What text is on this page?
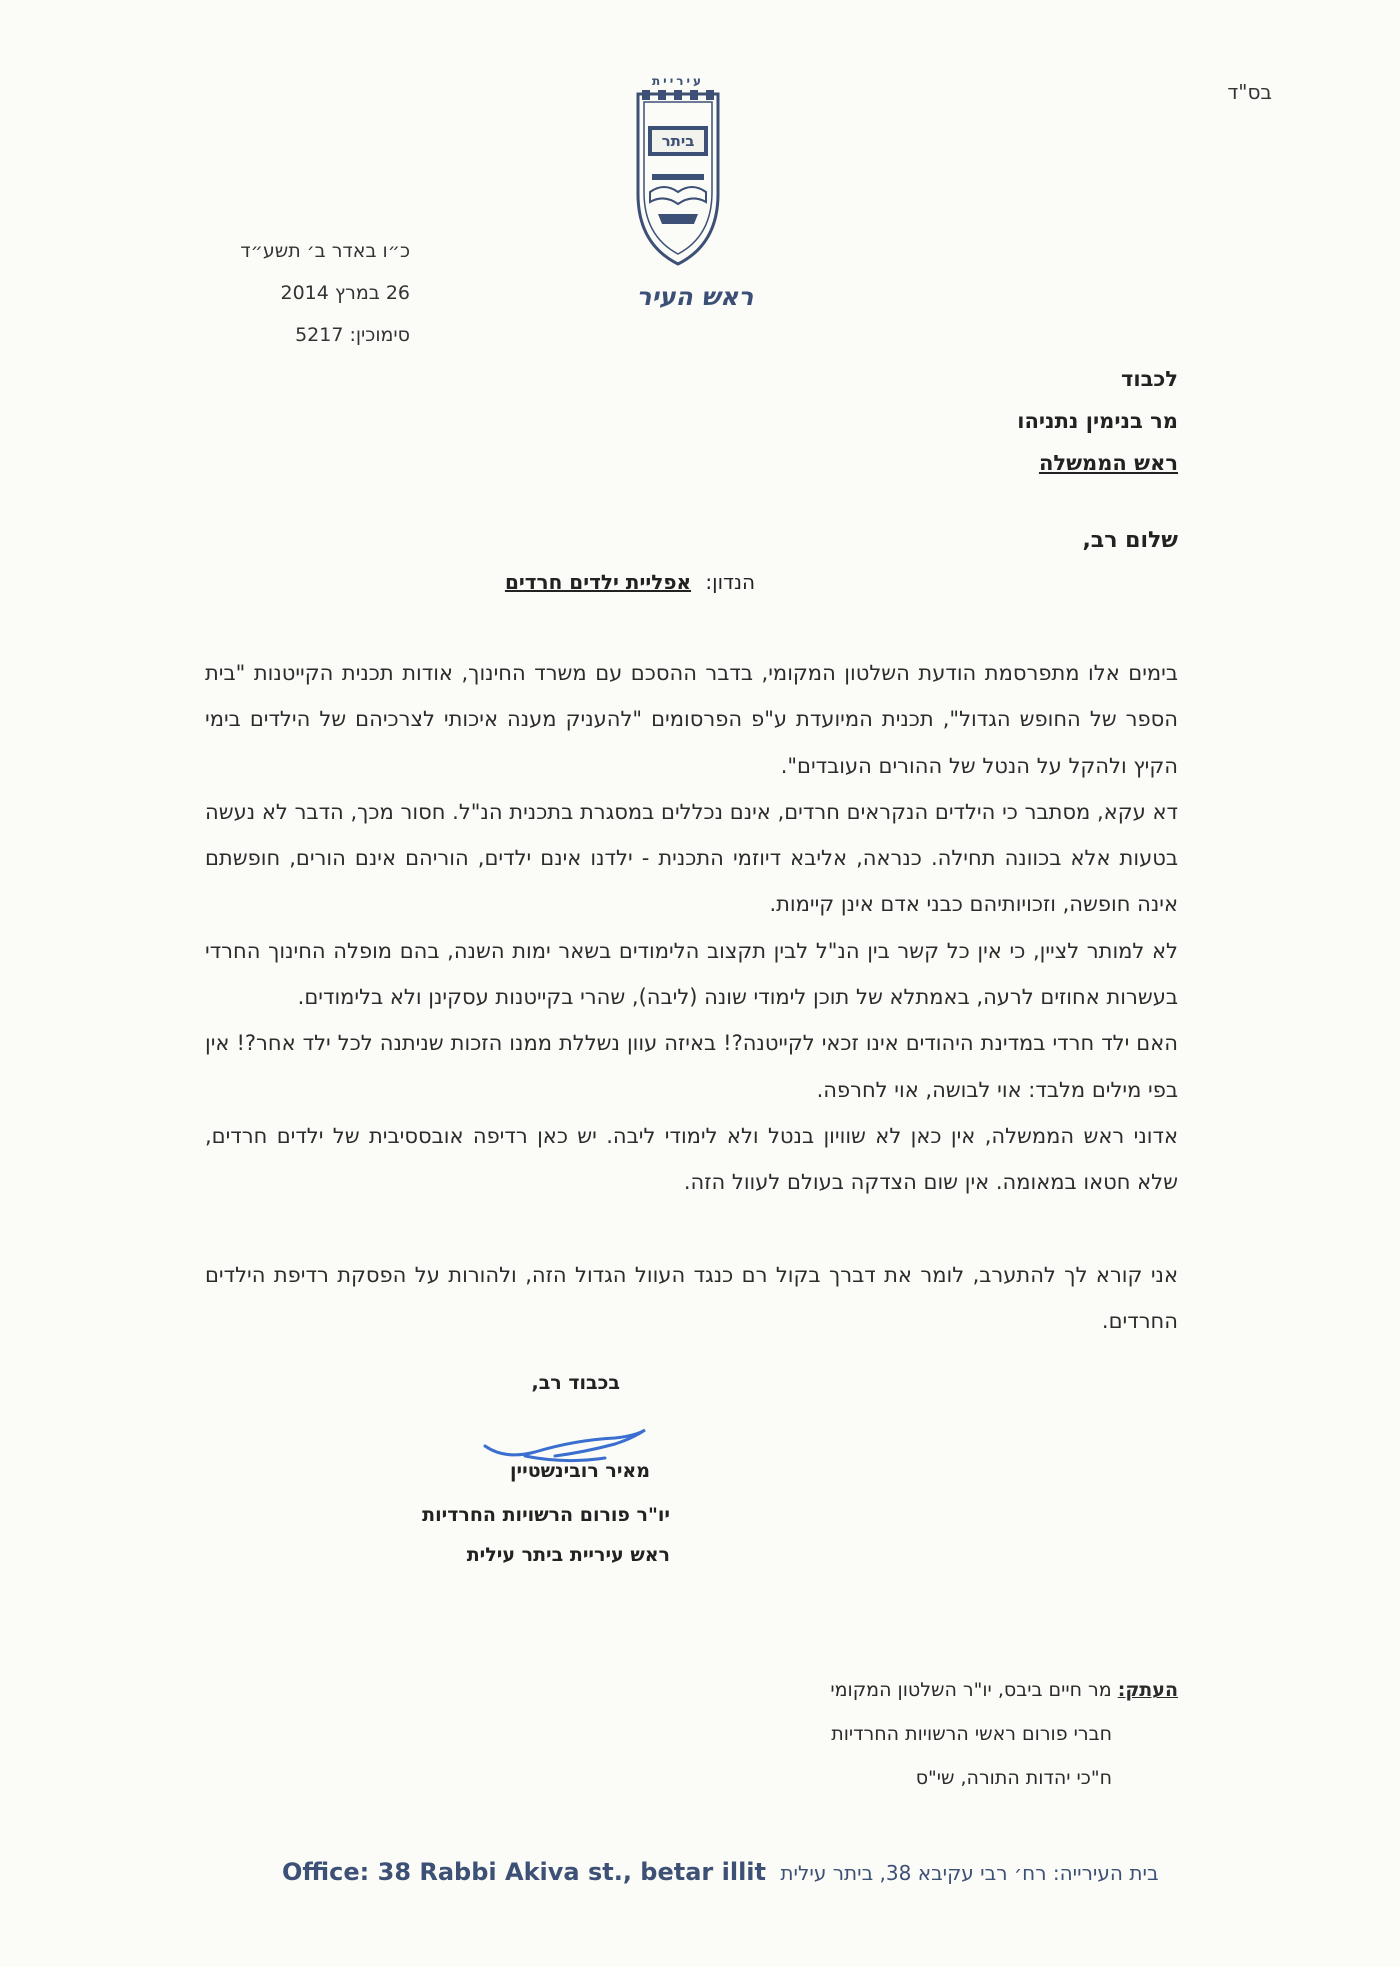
בס"ד
עיריית
ביתר
ראש העיר
כ״ו באדר ב׳ תשע״ד
26 במרץ 2014
סימוכין: 5217
לכבוד
מר בנימין נתניהו
ראש הממשלה
שלום רב,
הנדון: אפליית ילדים חרדים

בימים אלו מתפרסמת הודעת השלטון המקומי, בדבר ההסכם עם משרד החינוך, אודות תכנית הקייטנות "בית הספר של החופש הגדול", תכנית המיועדת ע"פ הפרסומים "להעניק מענה איכותי לצרכיהם של הילדים בימי הקיץ ולהקל על הנטל של ההורים העובדים".

דא עקא, מסתבר כי הילדים הנקראים חרדים, אינם נכללים במסגרת בתכנית הנ"ל. חסור מכך, הדבר לא נעשה בטעות אלא בכוונה תחילה. כנראה, אליבא דיוזמי התכנית - ילדנו אינם ילדים, הוריהם אינם הורים, חופשתם אינה חופשה, וזכויותיהם כבני אדם אינן קיימות.

לא למותר לציין, כי אין כל קשר בין הנ"ל לבין תקצוב הלימודים בשאר ימות השנה, בהם מופלה החינוך החרדי בעשרות אחוזים לרעה, באמתלא של תוכן לימודי שונה (ליבה), שהרי בקייטנות עסקינן ולא בלימודים.

האם ילד חרדי במדינת היהודים אינו זכאי לקייטנה?! באיזה עוון נשללת ממנו הזכות שניתנה לכל ילד אחר?! אין בפי מילים מלבד: אוי לבושה, אוי לחרפה.

אדוני ראש הממשלה, אין כאן לא שוויון בנטל ולא לימודי ליבה. יש כאן רדיפה אובססיבית של ילדים חרדים, שלא חטאו במאומה. אין שום הצדקה בעולם לעוול הזה.

אני קורא לך להתערב, לומר את דברך בקול רם כנגד העוול הגדול הזה, ולהורות על הפסקת רדיפת הילדים החרדים.

בכבוד רב,
מאיר רובינשטיין
יו"ר פורום הרשויות החרדיות
ראש עיריית ביתר עילית
העתק: מר חיים ביבס, יו"ר השלטון המקומי
חברי פורום ראשי הרשויות החרדיות
ח"כי יהדות התורה, שי"ס
Office: 38 Rabbi Akiva st., betar illit בית העירייה: רח׳ רבי עקיבא 38, ביתר עילית
